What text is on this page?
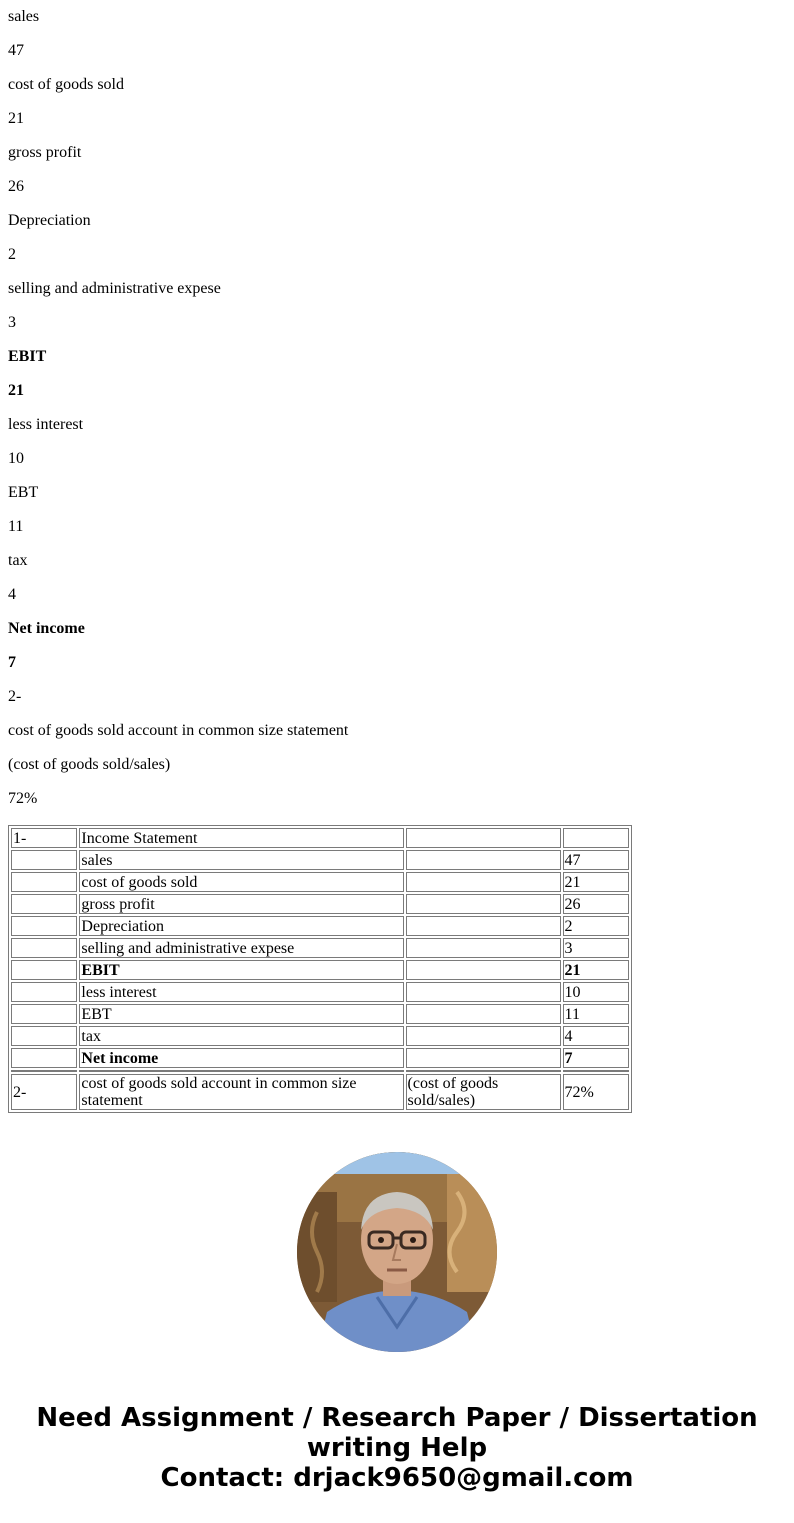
sales

47

cost of goods sold

21

gross profit

26

Depreciation

2

selling and administrative expese

3

EBIT

21

less interest

10

EBT

11

tax

4

Net income

7

2-

cost of goods sold account in common size statement

(cost of goods sold/sales)

72%

1-	Income Statement		
	sales		47
	cost of goods sold		21
	gross profit		26
	Depreciation		2
	selling and administrative expese		3
	EBIT		21
	less interest		10
	EBT		11
	tax		4
	Net income		7

2-	cost of goods sold account in common size statement	(cost of goods sold/sales)	72%
Need Assignment / Research Paper / Dissertation
writing Help
Contact: drjack9650@gmail.com
